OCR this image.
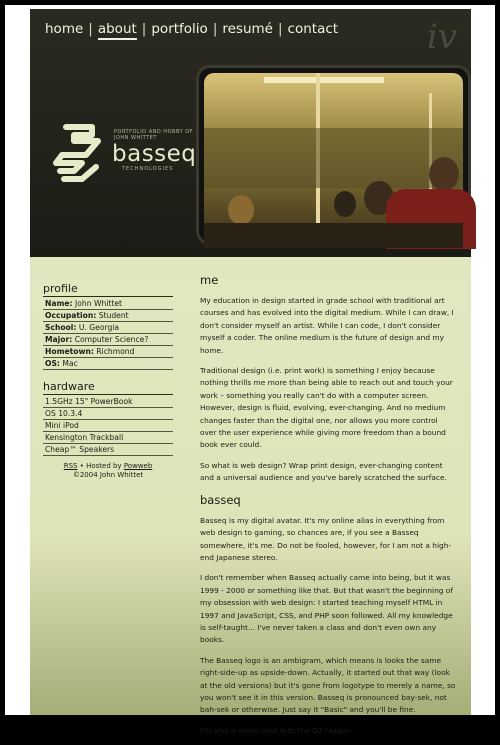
home | about | portfolio | resumé | contact	iv
PORTFOLIO AND HOBBY OF JOHN WHITTET
basseq
TECHNOLOGIES
profile
Name: John Whittet
Occupation: Student
School: U. Georgia
Major: Computer Science?
Hometown: Richmond
OS: Mac
hardware
1.5GHz 15" PowerBook
OS 10.3.4
Mini iPod
Kensington Trackball
Cheap™ Speakers
RSS • Hosted by Powweb
©2004 John Whittet
me

My education in design started in grade school with traditional art courses and has evolved into the digital medium. While I can draw, I don't consider myself an artist. While I can code, I don't consider myself a coder. The online medium is the future of design and my home.

Traditional design (i.e. print work) is something I enjoy because nothing thrills me more than being able to reach out and touch your work – something you really can't do with a computer screen. However, design is fluid, evolving, ever-changing. And no medium changes faster than the digital one, nor allows you more control over the user experience while giving more freedom than a bound book ever could.

So what is web design? Wrap print design, ever-changing content and a universal audience and you've barely scratched the surface.

basseq

Basseq is my digital avatar. It's my online alias in everything from web design to gaming, so chances are, if you see a Basseq somewhere, it's me. Do not be fooled, however, for I am not a high-end Japanese stereo.

I don't remember when Basseq actually came into being, but it was 1999 - 2000 or something like that. But that wasn't the beginning of my obsession with web design: I started teaching myself HTML in 1997 and JavaScript, CSS, and PHP soon followed. All my knowledge is self-taught... I've never taken a class and don't even own any books.

The Basseq logo is an ambigram, which means is looks the same right-side-up as upside-down. Actually, it started out that way (look at the old versions) but it's gone from logotype to merely a name, so you won't see it in this version. Basseq is pronounced bay-sek, not bah-sek or otherwise. Just say it "Basic" and you'll be fine.

I'm also a mean shot with the Q3 railgun.
